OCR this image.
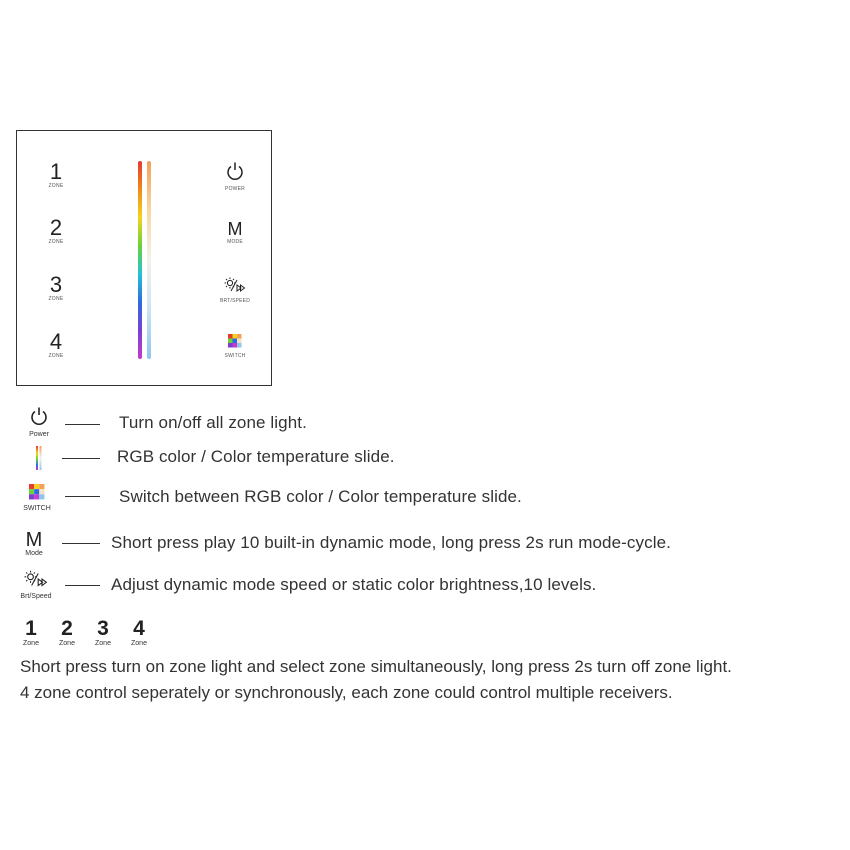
1
ZONE
2
ZONE
3
ZONE
4
ZONE
POWER
M
MODE
BRT/SPEED
SWITCH
Power
Turn on/off all zone light.
RGB color / Color temperature slide.
SWITCH
Switch between RGB color / Color temperature slide.
M
Mode
Short press play 10 built-in dynamic mode, long press 2s run mode-cycle.
Brt/Speed
Adjust dynamic mode speed or static color brightness,10 levels.
1
Zone
2
Zone
3
Zone
4
Zone
Short press turn on zone light and select zone simultaneously, long press 2s turn off zone light.
4 zone control seperately or synchronously, each zone could control multiple receivers.
